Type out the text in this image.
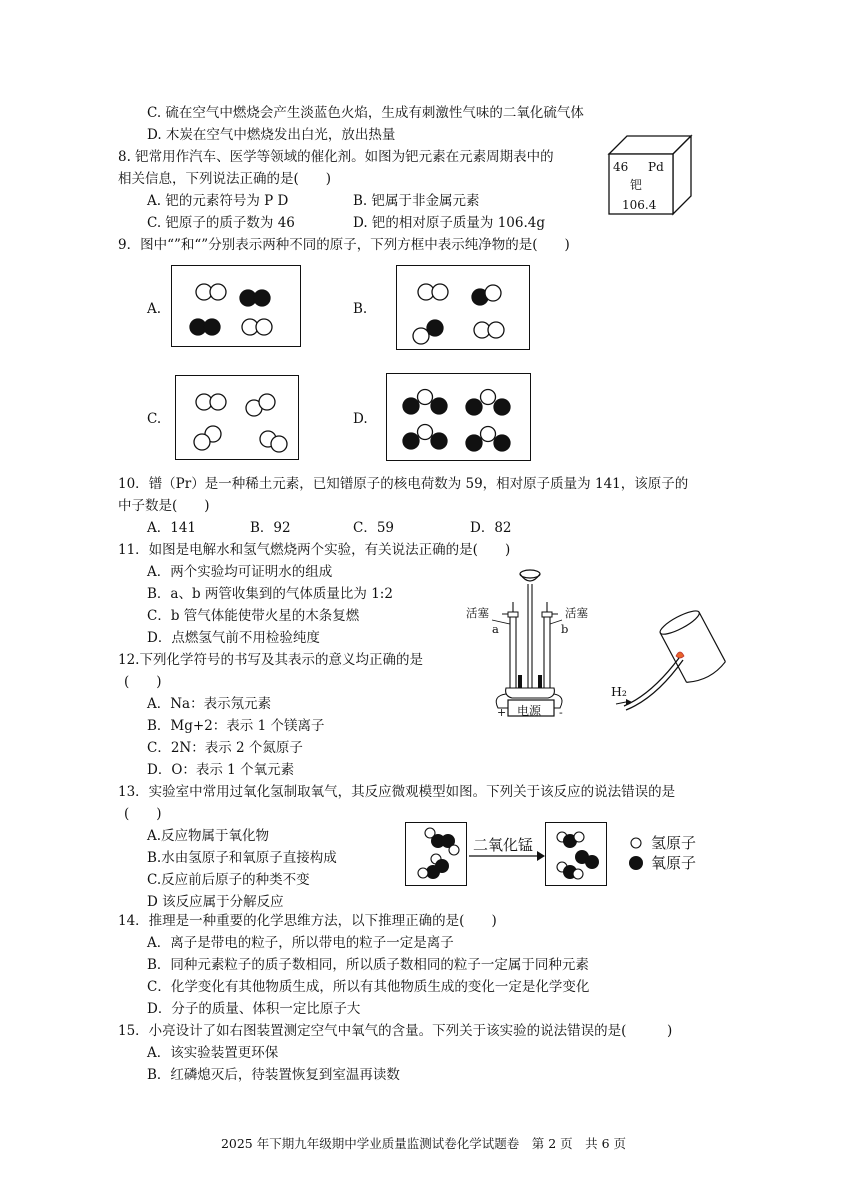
C. 硫在空气中燃烧会产生淡蓝色火焰，生成有刺激性气味的二氧化硫气体
D. 木炭在空气中燃烧发出白光，放出热量
8. 钯常用作汽车、医学等领域的催化剂。如图为钯元素在元素周期表中的
相关信息，下列说法正确的是(　　)
A. 钯的元素符号为 P D	B. 钯属于非金属元素
C. 钯原子的质子数为 46	D. 钯的相对原子质量为 106.4g
46 Pd
钯
106.4
9．图中“”和“”分别表示两种不同的原子，下列方框中表示纯净物的是(　　)
A.	B.
C.	D.
10．镨（Pr）是一种稀土元素，已知镨原子的核电荷数为 59，相对原子质量为 141，该原子的
中子数是(　　)
A．141	B．92	C．59	D．82
11．如图是电解水和氢气燃烧两个实验，有关说法正确的是(　　)
A．两个实验均可证明水的组成
B．a、b 两管收集到的气体质量比为 1:2
C．b 管气体能使带火星的木条复燃
D．点燃氢气前不用检验纯度
活塞	活塞
a	b
电源
+	-
H₂
12.下列化学符号的书写及其表示的意义均正确的是
(　　)
A．Na：表示氖元素
B．Mg+2：表示 1 个镁离子
C．2N：表示 2 个氮原子
D．O：表示 1 个氧元素
13．实验室中常用过氧化氢制取氧气，其反应微观模型如图。下列关于该反应的说法错误的是
(　　)
A.反应物属于氧化物
B.水由氢原子和氧原子直接构成
C.反应前后原子的种类不变
D 该反应属于分解反应
二氧化锰	氢原子
氧原子
14．推理是一种重要的化学思维方法，以下推理正确的是(　　)
A．离子是带电的粒子，所以带电的粒子一定是离子
B．同种元素粒子的质子数相同，所以质子数相同的粒子一定属于同种元素
C．化学变化有其他物质生成，所以有其他物质生成的变化一定是化学变化
D．分子的质量、体积一定比原子大
15．小亮设计了如右图装置测定空气中氧气的含量。下列关于该实验的说法错误的是(　　　)
A．该实验装置更环保
B．红磷熄灭后，待装置恢复到室温再读数
2025 年下期九年级期中学业质量监测试卷化学试题卷　第 2 页　共 6 页
